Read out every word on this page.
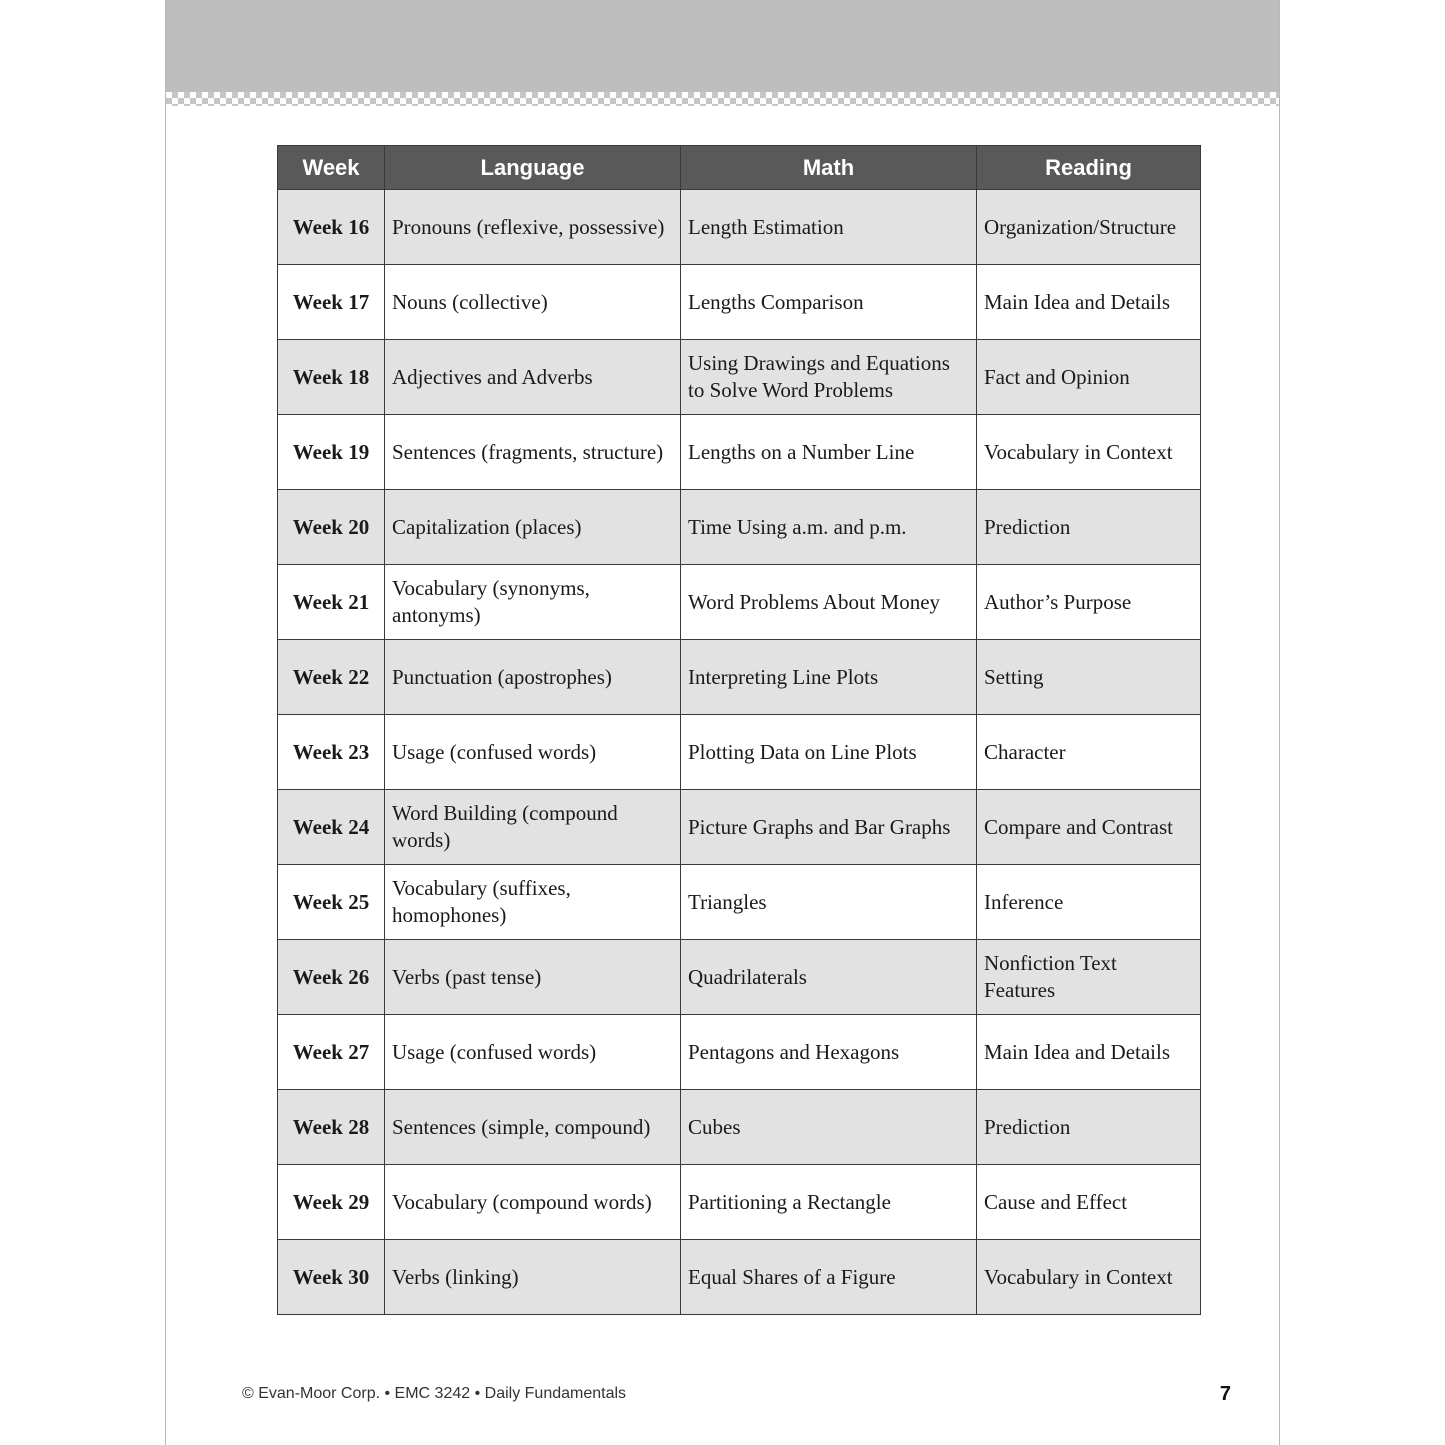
Week	Language	Math	Reading
Week 16	Pronouns (reflexive, possessive)	Length Estimation	Organization/Structure
Week 17	Nouns (collective)	Lengths Comparison	Main Idea and Details
Week 18	Adjectives and Adverbs	Using Drawings and Equations to Solve Word Problems	Fact and Opinion
Week 19	Sentences (fragments, structure)	Lengths on a Number Line	Vocabulary in Context
Week 20	Capitalization (places)	Time Using a.m. and p.m.	Prediction
Week 21	Vocabulary (synonyms, antonyms)	Word Problems About Money	Author’s Purpose
Week 22	Punctuation (apostrophes)	Interpreting Line Plots	Setting
Week 23	Usage (confused words)	Plotting Data on Line Plots	Character
Week 24	Word Building (compound words)	Picture Graphs and Bar Graphs	Compare and Contrast
Week 25	Vocabulary (suffixes, homophones)	Triangles	Inference
Week 26	Verbs (past tense)	Quadrilaterals	Nonfiction Text Features
Week 27	Usage (confused words)	Pentagons and Hexagons	Main Idea and Details
Week 28	Sentences (simple, compound)	Cubes	Prediction
Week 29	Vocabulary (compound words)	Partitioning a Rectangle	Cause and Effect
Week 30	Verbs (linking)	Equal Shares of a Figure	Vocabulary in Context
© Evan-Moor Corp. • EMC 3242 • Daily Fundamentals	7
